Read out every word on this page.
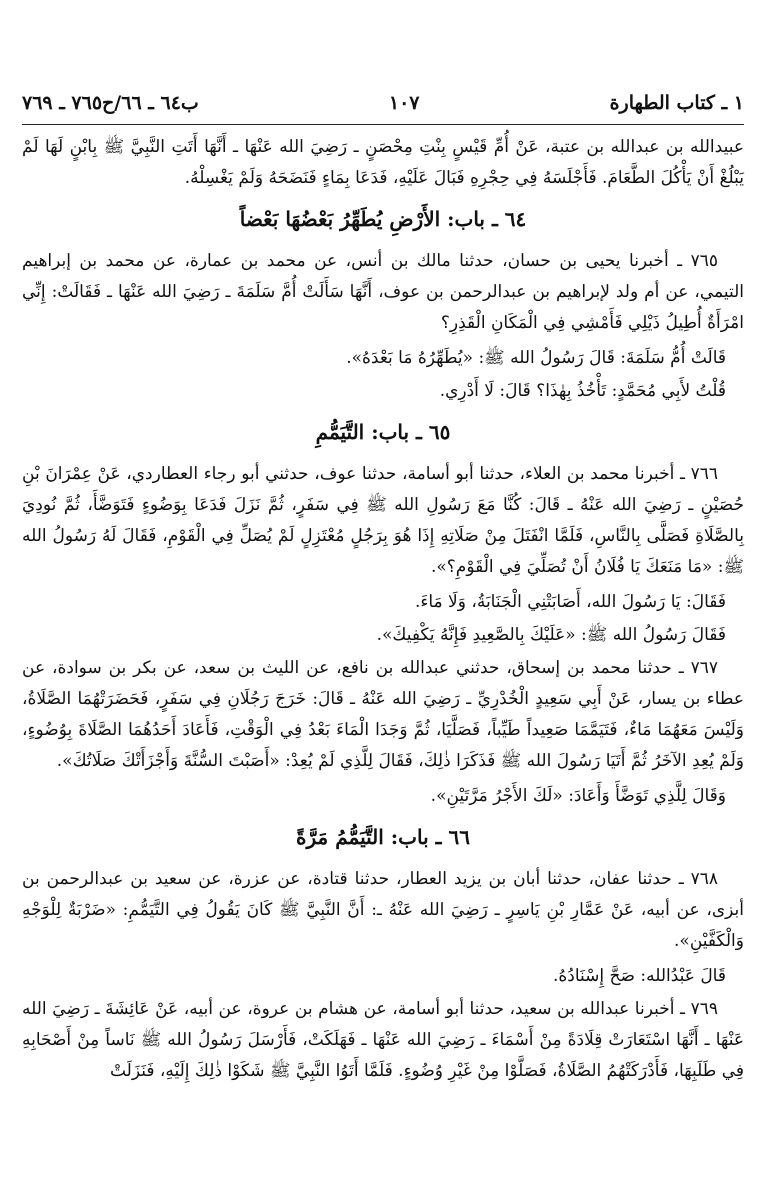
١ ـ كتاب الطهارة
١٠٧
ب٦٤ ـ ٦٦/ح٧٦٥ ـ ٧٦٩

عبيدالله بن عبدالله بن عتبة، عَنْ أُمِّ قَيْسٍ بِنْتِ مِحْصَنٍ ـ رَضِيَ الله عَنْهَا ـ أَنَّهَا أَتَتِ النَّبِيَّ ﷺ بِابْنٍ لَهَا لَمْ يَبْلُغْ أَنْ يَأْكُلَ الطَّعَامَ. فَأَجْلَسَهُ فِي حِجْرِهِ فَبَالَ عَلَيْهِ، فَدَعَا بِمَاءٍ فَنَضَحَهُ وَلَمْ يَغْسِلْهُ.

٦٤ ـ باب: الأَرْضِ يُطَهِّرُ بَعْضُهَا بَعْضاً

٧٦٥ ـ أخبرنا يحيى بن حسان، حدثنا مالك بن أنس، عن محمد بن عمارة، عن محمد بن إبراهيم التيمي، عن أم ولد لإبراهيم بن عبدالرحمن بن عوف، أَنَّهَا سَأَلَتْ أُمَّ سَلَمَةَ ـ رَضِيَ الله عَنْهَا ـ فَقَالَتْ: إِنِّي امْرَأَةٌ أُطِيلُ ذَيْلِي فَأَمْشِي فِي الْمَكَانِ الْقَذِرِ؟

قَالَتْ أُمُّ سَلَمَةَ: قَالَ رَسُولُ الله ﷺ: «يُطَهِّرُهُ مَا بَعْدَهُ».

قُلْتُ لأَبِي مُحَمَّدٍ: تَأْخُذُ بِهٰذَا؟ قَالَ: لَا أَدْرِي.

٦٥ ـ باب: التَّيَمُّمِ

٧٦٦ ـ أخبرنا محمد بن العلاء، حدثنا أبو أسامة، حدثنا عوف، حدثني أبو رجاء العطاردي، عَنْ عِمْرَانَ بْنِ حُصَيْنٍ ـ رَضِيَ الله عَنْهُ ـ قَالَ: كُنَّا مَعَ رَسُولِ الله ﷺ فِي سَفَرٍ، ثُمَّ نَزَلَ فَدَعَا بِوَضُوءٍ فَتَوَضَّأَ، ثُمَّ نُودِيَ بِالصَّلَاةِ فَصَلَّى بِالنَّاسِ، فَلَمَّا انْفَتَلَ مِنْ صَلَاتِهِ إِذَا هُوَ بِرَجُلٍ مُعْتَزِلٍ لَمْ يُصَلِّ فِي الْقَوْمِ، فَقَالَ لَهُ رَسُولُ الله ﷺ: «مَا مَنَعَكَ يَا فُلَانُ أَنْ تُصَلِّيَ فِي الْقَوْمِ؟».

فَقَالَ: يَا رَسُولَ الله، أَصَابَتْنِي الْجَنَابَةُ، وَلَا مَاءَ.

فَقَالَ رَسُولُ الله ﷺ: «عَلَيْكَ بِالصَّعِيدِ فَإِنَّهُ يَكْفِيكَ».

٧٦٧ ـ حدثنا محمد بن إسحاق، حدثني عبدالله بن نافع، عن الليث بن سعد، عن بكر بن سوادة، عن عطاء بن يسار، عَنْ أَبِي سَعِيدٍ الْخُدْرِيِّ ـ رَضِيَ الله عَنْهُ ـ قَالَ: خَرَجَ رَجُلَانِ فِي سَفَرٍ، فَحَضَرَتْهُمَا الصَّلَاةُ، وَلَيْسَ مَعَهُمَا مَاءٌ، فَتَيَمَّمَا صَعِيداً طَيِّباً، فَصَلَّيَا، ثُمَّ وَجَدَا الْمَاءَ بَعْدُ فِي الْوَقْتِ، فَأَعَادَ أَحَدُهُمَا الصَّلَاةَ بِوُضُوءٍ، وَلَمْ يُعِدِ الآخَرُ ثُمَّ أَتَيَا رَسُولَ الله ﷺ فَذَكَرَا ذٰلِكَ، فَقَالَ لِلَّذِي لَمْ يُعِدْ: «أَصَبْتَ السُّنَّةَ وَأَجْزَأَتْكَ صَلَاتُكَ».

وَقَالَ لِلَّذِي تَوَضَّأَ وَأَعَادَ: «لَكَ الأَجْرُ مَرَّتَيْنِ».

٦٦ ـ باب: التَّيَمُّمُ مَرَّةً

٧٦٨ ـ حدثنا عفان، حدثنا أبان بن يزيد العطار، حدثنا قتادة، عن عزرة، عن سعيد بن عبدالرحمن بن أبزى، عن أبيه، عَنْ عَمَّارِ بْنِ يَاسِرٍ ـ رَضِيَ الله عَنْهُ ـ: أَنَّ النَّبِيَّ ﷺ كَانَ يَقُولُ فِي التَّيَمُّمِ: «ضَرْبَةٌ لِلْوَجْهِ وَالْكَفَّيْنِ».

قَالَ عَبْدُالله: صَحَّ إِسْنَادُهُ.

٧٦٩ ـ أخبرنا عبدالله بن سعيد، حدثنا أبو أسامة، عن هشام بن عروة، عن أبيه، عَنْ عَائِشَةَ ـ رَضِيَ الله عَنْهَا ـ أَنَّهَا اسْتَعَارَتْ قِلَادَةً مِنْ أَسْمَاءَ ـ رَضِيَ الله عَنْهَا ـ فَهَلَكَتْ، فَأَرْسَلَ رَسُولُ الله ﷺ نَاساً مِنْ أَصْحَابِهِ فِي طَلَبِهَا، فَأَدْرَكَتْهُمُ الصَّلَاةُ، فَصَلَّوْا مِنْ غَيْرِ وُضُوءٍ. فَلَمَّا أَتَوُا النَّبِيَّ ﷺ شَكَوْا ذٰلِكَ إِلَيْهِ، فَنَزَلَتْ
